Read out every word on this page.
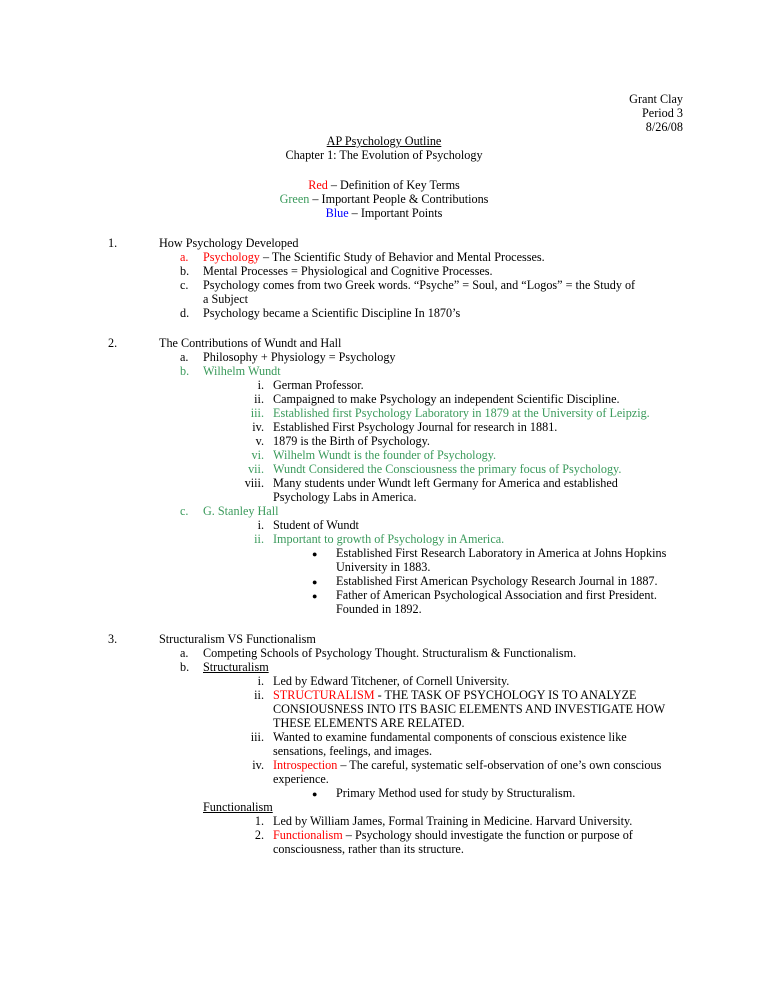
Grant Clay
Period 3
8/26/08
AP Psychology Outline
Chapter 1: The Evolution of Psychology
Red – Definition of Key Terms
Green – Important People & Contributions
Blue – Important Points
1.	How Psychology Developed
a. Psychology – The Scientific Study of Behavior and Mental Processes.
b. Mental Processes = Physiological and Cognitive Processes.
c. Psychology comes from two Greek words. “Psyche” = Soul, and “Logos” = the Study of
a Subject
d. Psychology became a Scientific Discipline In 1870’s
2.	The Contributions of Wundt and Hall
a. Philosophy + Physiology = Psychology
b. Wilhelm Wundt
i. German Professor.
ii. Campaigned to make Psychology an independent Scientific Discipline.
iii. Established first Psychology Laboratory in 1879 at the University of Leipzig.
iv. Established First Psychology Journal for research in 1881.
v. 1879 is the Birth of Psychology.
vi. Wilhelm Wundt is the founder of Psychology.
vii. Wundt Considered the Consciousness the primary focus of Psychology.
viii. Many students under Wundt left Germany for America and established
Psychology Labs in America.
c. G. Stanley Hall
i. Student of Wundt
ii. Important to growth of Psychology in America.
● Established First Research Laboratory in America at Johns Hopkins
University in 1883.
● Established First American Psychology Research Journal in 1887.
● Father of American Psychological Association and first President.
Founded in 1892.
3.	Structuralism VS Functionalism
a. Competing Schools of Psychology Thought. Structuralism & Functionalism.
b. Structuralism
i. Led by Edward Titchener, of Cornell University.
ii. STRUCTURALISM - THE TASK OF PSYCHOLOGY IS TO ANALYZE
CONSIOUSNESS INTO ITS BASIC ELEMENTS AND INVESTIGATE HOW
THESE ELEMENTS ARE RELATED.
iii. Wanted to examine fundamental components of conscious existence like
sensations, feelings, and images.
iv. Introspection – The careful, systematic self-observation of one’s own conscious
experience.
● Primary Method used for study by Structuralism.
Functionalism
1. Led by William James, Formal Training in Medicine. Harvard University.
2. Functionalism – Psychology should investigate the function or purpose of
consciousness, rather than its structure.
